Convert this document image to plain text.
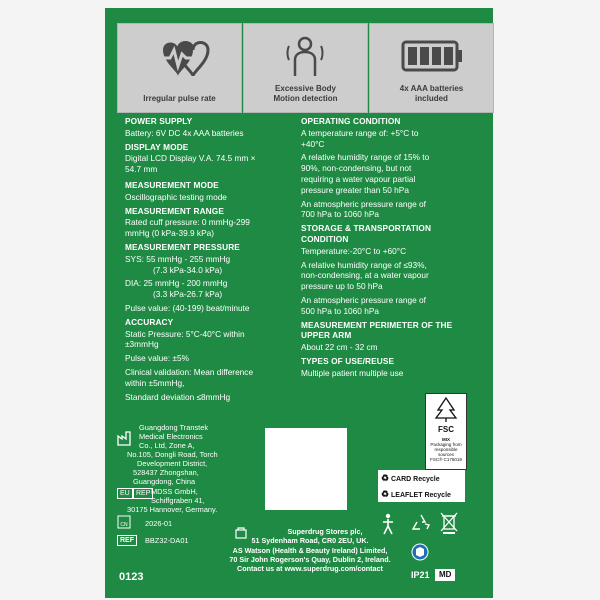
Irregular pulse rate
Excessive Body
Motion detection
4x AAA batteries
included
POWER SUPPLY
Battery: 6V DC 4x AAA batteries
DISPLAY MODE
Digital LCD Display V.A. 74.5 mm ×
54.7 mm
MEASUREMENT MODE
Oscillographic testing mode
MEASUREMENT RANGE
Rated cuff pressure: 0 mmHg-299
mmHg (0 kPa-39.9 kPa)
MEASUREMENT PRESSURE
SYS: 55 mmHg - 255 mmHg
(7.3 kPa-34.0 kPa)
DIA: 25 mmHg - 200 mmHg
(3.3 kPa-26.7 kPa)
Pulse value: (40-199) beat/minute
ACCURACY
Static Pressure: 5°C-40°C within
±3mmHg
Pulse value: ±5%
Clinical validation: Mean difference
within ±5mmHg,
Standard deviation ≤8mmHg
OPERATING CONDITION
A temperature range of: +5°C to
+40°C
A relative humidity range of 15% to
90%, non-condensing, but not
requiring a water vapour partial
pressure greater than 50 hPa
An atmospheric pressure range of
700 hPa to 1060 hPa
STORAGE & TRANSPORTATION
CONDITION
Temperature:-20°C to +60°C
A relative humidity range of ≤93%,
non-condensing, at a water vapour
pressure up to 50 hPa
An atmospheric pressure range of
500 hPa to 1060 hPa
MEASUREMENT PERIMETER OF THE
UPPER ARM
About 22 cm - 32 cm
TYPES OF USE/REUSE
Multiple patient multiple use
Guangdong Transtek
Medical Electronics
Co., Ltd, Zone A,
No.105, Dongli Road, Torch
Development District,
528437 Zhongshan,
Guangdong, China
EU REP MDSS GmbH,
Schiffgraben 41,
30175 Hannover, Germany.
CN 2026-01
REF	BBZ32-DA01
0123
Superdrug Stores plc,
51 Sydenham Road, CR0 2EU, UK.
AS Watson (Health & Beauty Ireland) Limited,
70 Sir John Rogerson's Quay, Dublin 2, Ireland.
Contact us at www.superdrug.com/contact
FSC
MIX
Packaging from responsible sources
FSC® C176019
♻ CARD Recycle
♻ LEAFLET Recycle
IP21	MD
